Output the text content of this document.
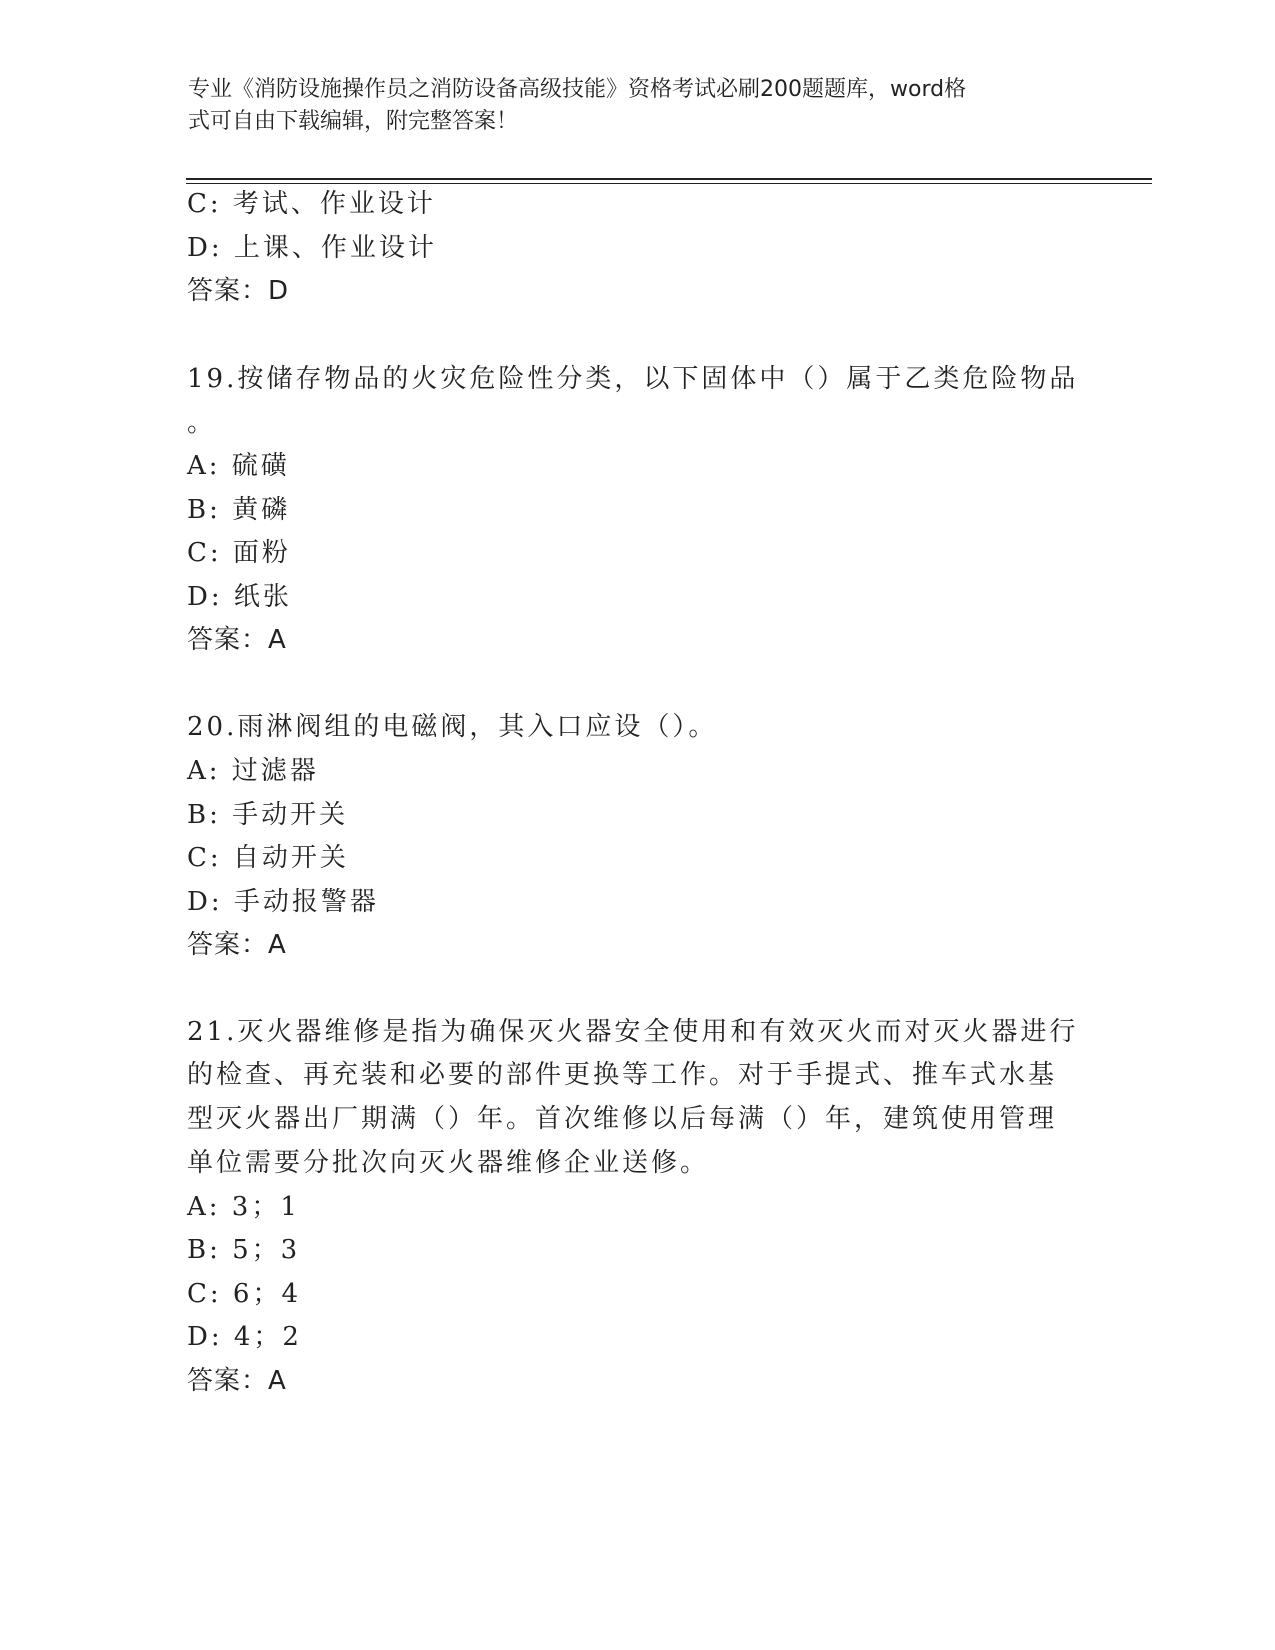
专业《消防设施操作员之消防设备高级技能》资格考试必刷200题题库，word格
式可自由下载编辑，附完整答案！
C: 考试、作业设计
D: 上课、作业设计
答案：D
19.按储存物品的火灾危险性分类，以下固体中（）属于乙类危险物品
。
A: 硫磺
B: 黄磷
C: 面粉
D: 纸张
答案：A
20.雨淋阀组的电磁阀，其入口应设（）。
A: 过滤器
B: 手动开关
C: 自动开关
D: 手动报警器
答案：A
21.灭火器维修是指为确保灭火器安全使用和有效灭火而对灭火器进行
的检查、再充装和必要的部件更换等工作。对于手提式、推车式水基
型灭火器出厂期满（）年。首次维修以后每满（）年，建筑使用管理
单位需要分批次向灭火器维修企业送修。
A: 3；1
B: 5；3
C: 6；4
D: 4；2
答案：A
